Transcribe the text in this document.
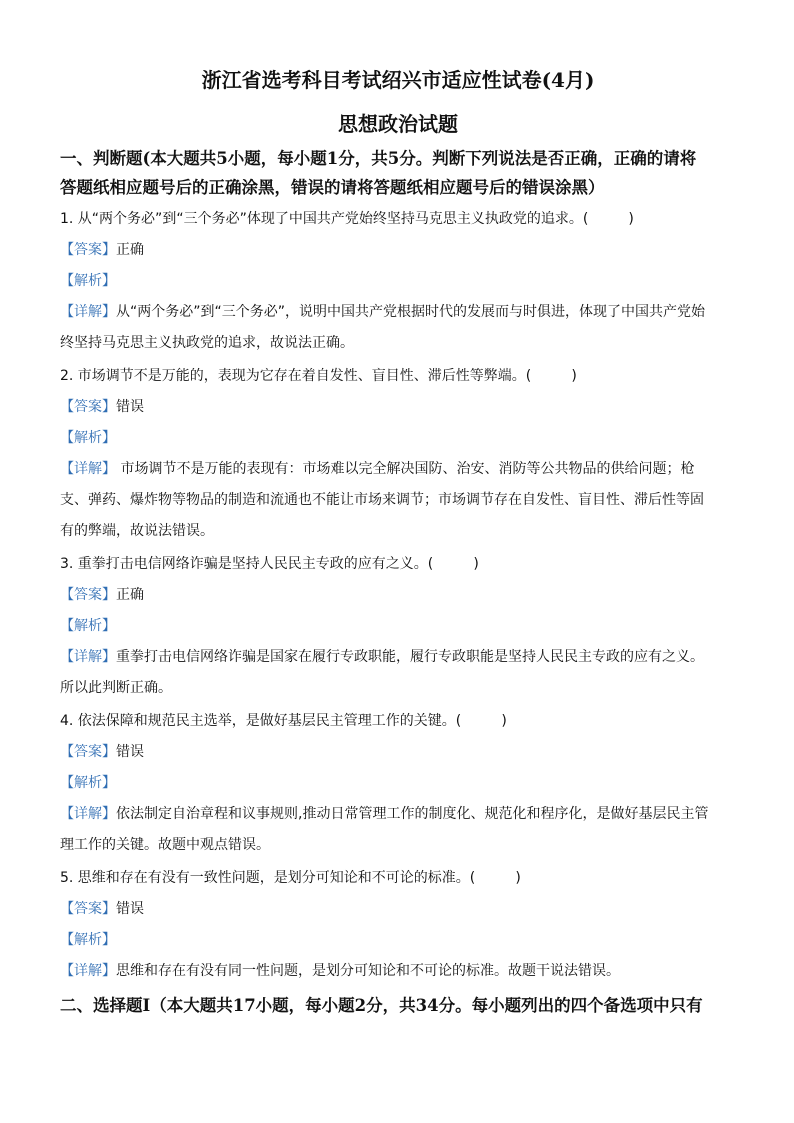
浙江省选考科目考试绍兴市适应性试卷(4月)
思想政治试题
一、判断题(本大题共5小题，每小题1分，共5分。判断下列说法是否正确，正确的请将
答题纸相应题号后的正确涂黑，错误的请将答题纸相应题号后的错误涂黑）

1. 从“两个务必”到“三个务必”体现了中国共产党始终坚持马克思主义执政党的追求。(         )

【答案】正确

【解析】

【详解】从“两个务必”到“三个务必”，说明中国共产党根据时代的发展而与时俱进，体现了中国共产党始
终坚持马克思主义执政党的追求，故说法正确。

2. 市场调节不是万能的，表现为它存在着自发性、盲目性、滞后性等弊端。(         )

【答案】错误

【解析】

【详解】 市场调节不是万能的表现有：市场难以完全解决国防、治安、消防等公共物品的供给问题；枪
支、弹药、爆炸物等物品的制造和流通也不能让市场来调节；市场调节存在自发性、盲目性、滞后性等固
有的弊端，故说法错误。

3. 重拳打击电信网络诈骗是坚持人民民主专政的应有之义。(         )

【答案】正确

【解析】

【详解】重拳打击电信网络诈骗是国家在履行专政职能，履行专政职能是坚持人民民主专政的应有之义。
所以此判断正确。

4. 依法保障和规范民主选举，是做好基层民主管理工作的关键。(         )

【答案】错误

【解析】

【详解】依法制定自治章程和议事规则,推动日常管理工作的制度化、规范化和程序化，是做好基层民主管
理工作的关键。故题中观点错误。

5. 思维和存在有没有一致性问题，是划分可知论和不可论的标准。(         )

【答案】错误

【解析】

【详解】思维和存在有没有同一性问题，是划分可知论和不可论的标准。故题干说法错误。
二、选择题Ⅰ（本大题共17小题，每小题2分，共34分。每小题列出的四个备选项中只有
